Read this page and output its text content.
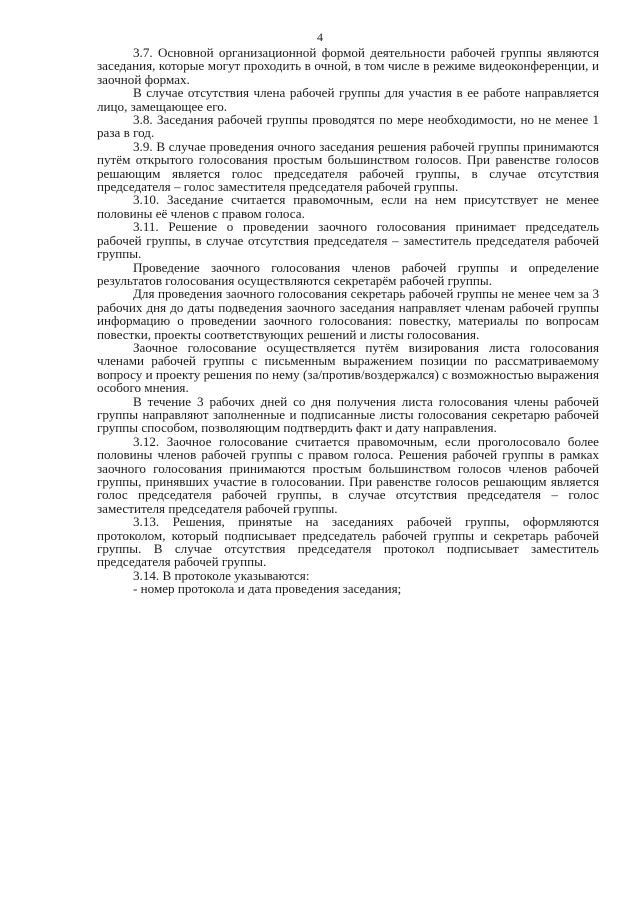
4

3.7. Основной организационной формой деятельности рабочей группы являются заседания, которые могут проходить в очной, в том числе в режиме видеоконференции, и заочной формах.

В случае отсутствия члена рабочей группы для участия в ее работе направляется лицо, замещающее его.

3.8. Заседания рабочей группы проводятся по мере необходимости, но не менее 1 раза в год.

3.9. В случае проведения очного заседания решения рабочей группы принимаются путём открытого голосования простым большинством голосов. При равенстве голосов решающим является голос председателя рабочей группы, в случае отсутствия председателя – голос заместителя председателя рабочей группы.

3.10. Заседание считается правомочным, если на нем присутствует не менее половины её членов с правом голоса.

3.11. Решение о проведении заочного голосования принимает председатель рабочей группы, в случае отсутствия председателя – заместитель председателя рабочей группы.

Проведение заочного голосования членов рабочей группы и определение результатов голосования осуществляются секретарём рабочей группы.

Для проведения заочного голосования секретарь рабочей группы не менее чем за 3 рабочих дня до даты подведения заочного заседания направляет членам рабочей группы информацию о проведении заочного голосования: повестку, материалы по вопросам повестки, проекты соответствующих решений и листы голосования.

Заочное голосование осуществляется путём визирования листа голосования членами рабочей группы с письменным выражением позиции по рассматриваемому вопросу и проекту решения по нему (за/против/воздержался) с возможностью выражения особого мнения.

В течение 3 рабочих дней со дня получения листа голосования члены рабочей группы направляют заполненные и подписанные листы голосования секретарю рабочей группы способом, позволяющим подтвердить факт и дату направления.

3.12. Заочное голосование считается правомочным, если проголосовало более половины членов рабочей группы с правом голоса. Решения рабочей группы в рамках заочного голосования принимаются простым большинством голосов членов рабочей группы, принявших участие в голосовании. При равенстве голосов решающим является голос председателя рабочей группы, в случае отсутствия председателя – голос заместителя председателя рабочей группы.

3.13. Решения, принятые на заседаниях рабочей группы, оформляются протоколом, который подписывает председатель рабочей группы и секретарь рабочей группы. В случае отсутствия председателя протокол подписывает заместитель председателя рабочей группы.

3.14. В протоколе указываются:

- номер протокола и дата проведения заседания;
